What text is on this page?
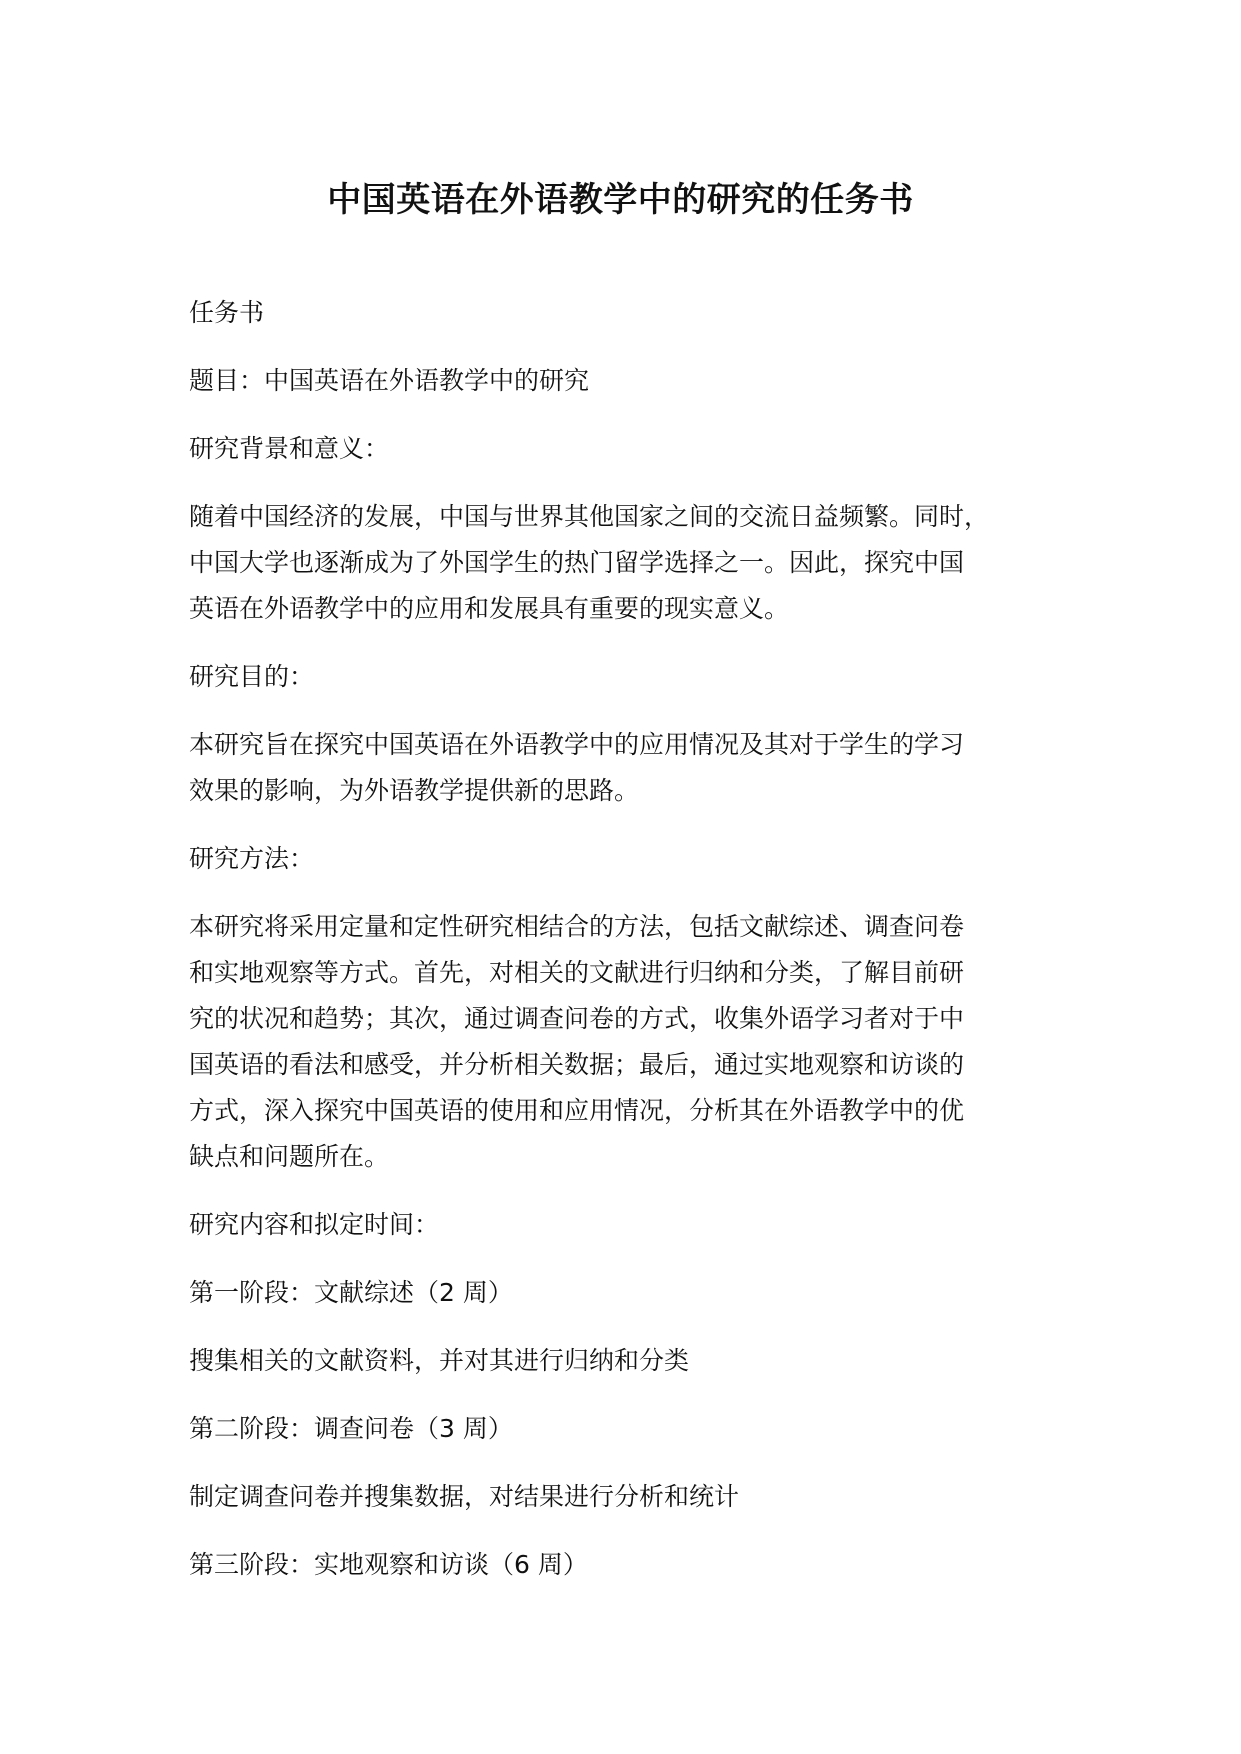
中国英语在外语教学中的研究的任务书

任务书

题目：中国英语在外语教学中的研究

研究背景和意义：

随着中国经济的发展，中国与世界其他国家之间的交流日益频繁。同时，
中国大学也逐渐成为了外国学生的热门留学选择之一。因此，探究中国
英语在外语教学中的应用和发展具有重要的现实意义。

研究目的：

本研究旨在探究中国英语在外语教学中的应用情况及其对于学生的学习
效果的影响，为外语教学提供新的思路。

研究方法：

本研究将采用定量和定性研究相结合的方法，包括文献综述、调查问卷
和实地观察等方式。首先，对相关的文献进行归纳和分类，了解目前研
究的状况和趋势；其次，通过调查问卷的方式，收集外语学习者对于中
国英语的看法和感受，并分析相关数据；最后，通过实地观察和访谈的
方式，深入探究中国英语的使用和应用情况，分析其在外语教学中的优
缺点和问题所在。

研究内容和拟定时间：

第一阶段：文献综述（2 周）

搜集相关的文献资料，并对其进行归纳和分类

第二阶段：调查问卷（3 周）

制定调查问卷并搜集数据，对结果进行分析和统计

第三阶段：实地观察和访谈（6 周）
